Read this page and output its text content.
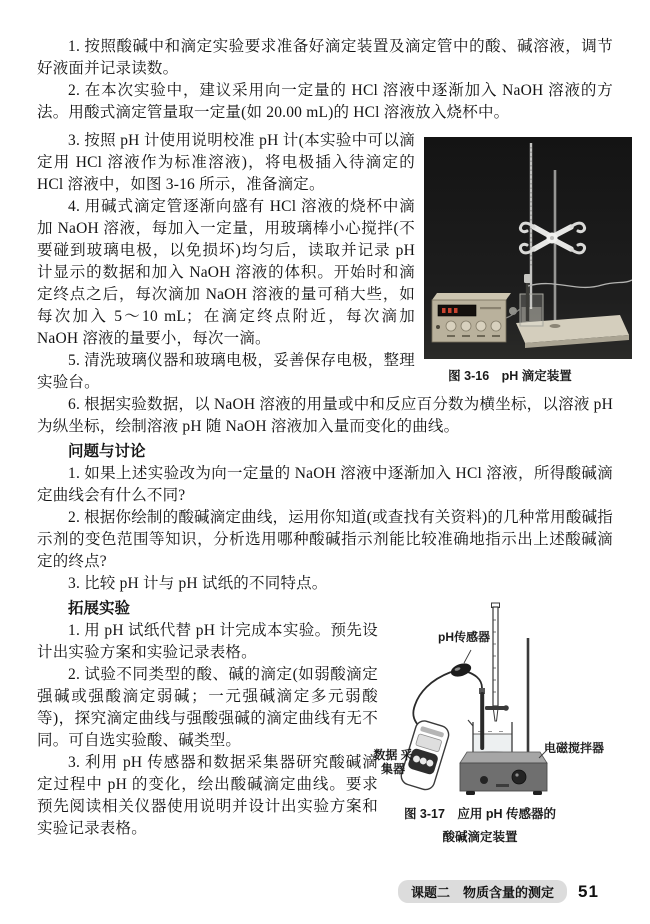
1. 按照酸碱中和滴定实验要求准备好滴定装置及滴定管中的酸、碱溶液，调节好液面并记录读数。

2. 在本次实验中，建议采用向一定量的 HCl 溶液中逐渐加入 NaOH 溶液的方法。用酸式滴定管量取一定量(如 20.00 mL)的 HCl 溶液放入烧杯中。

3. 按照 pH 计使用说明校准 pH 计(本实验中可以滴定用 HCl 溶液作为标准溶液)，将电极插入待滴定的 HCl 溶液中，如图 3-16 所示，准备滴定。

4. 用碱式滴定管逐渐向盛有 HCl 溶液的烧杯中滴加 NaOH 溶液，每加入一定量，用玻璃棒小心搅拌(不要碰到玻璃电极，以免损坏)均匀后，读取并记录 pH 计显示的数据和加入 NaOH 溶液的体积。开始时和滴定终点之后，每次滴加 NaOH 溶液的量可稍大些，如每次加入 5～10 mL；在滴定终点附近，每次滴加 NaOH 溶液的量要小，每次一滴。

5. 清洗玻璃仪器和玻璃电极，妥善保存电极，整理实验台。

6. 根据实验数据，以 NaOH 溶液的用量或中和反应百分数为横坐标，以溶液 pH 为纵坐标，绘制溶液 pH 随 NaOH 溶液加入量而变化的曲线。

问题与讨论

1. 如果上述实验改为向一定量的 NaOH 溶液中逐渐加入 HCl 溶液，所得酸碱滴定曲线会有什么不同?

2. 根据你绘制的酸碱滴定曲线，运用你知道(或查找有关资料)的几种常用酸碱指示剂的变色范围等知识，分析选用哪种酸碱指示剂能比较准确地指示出上述酸碱滴定的终点?

3. 比较 pH 计与 pH 试纸的不同特点。

拓展实验

1. 用 pH 试纸代替 pH 计完成本实验。预先设计出实验方案和实验记录表格。

2. 试验不同类型的酸、碱的滴定(如弱酸滴定强碱或强酸滴定弱碱；一元强碱滴定多元弱酸等)，探究滴定曲线与强酸强碱的滴定曲线有无不同。可自选实验酸、碱类型。

3. 利用 pH 传感器和数据采集器研究酸碱滴定过程中 pH 的变化，绘出酸碱滴定曲线。要求预先阅读相关仪器使用说明并设计出实验方案和实验记录表格。

图 3-16　pH 滴定装置
pH传感器
数据 采集器
电磁搅拌器
图 3-17　应用 pH 传感器的
酸碱滴定装置
课题二　物质含量的测定	51
